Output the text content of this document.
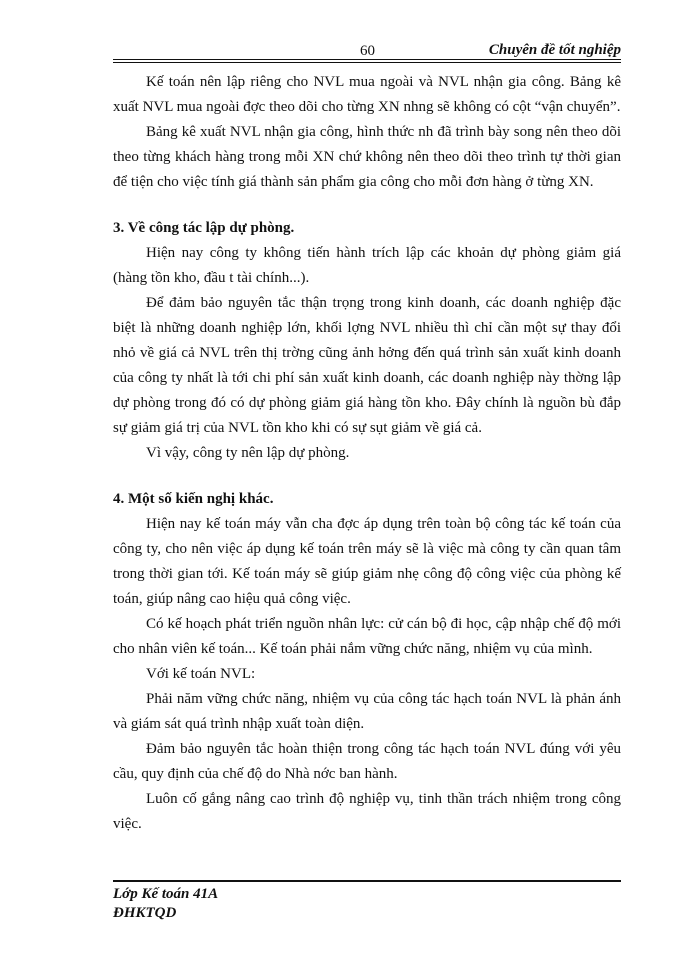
60	Chuyên đề tốt nghiệp

Kế toán nên lập riêng cho NVL mua ngoài và NVL nhận gia công. Bảng kê xuất NVL mua ngoài đợc theo dõi cho từng XN nhng sẽ không có cột “vận chuyển”.

Bảng kê xuất NVL nhận gia công, hình thức nh đã trình bày song nên theo dõi theo từng khách hàng trong mỗi XN chứ không nên theo dõi theo trình tự thời gian để tiện cho việc tính giá thành sản phẩm gia công cho mỗi đơn hàng ở từng XN.

3. Về công tác lập dự phòng.

Hiện nay công ty không tiến hành trích lập các khoản dự phòng giảm giá (hàng tồn kho, đầu t tài chính...).

Để đảm bảo nguyên tắc thận trọng trong kinh doanh, các doanh nghiệp đặc biệt là những doanh nghiệp lớn, khối lợng NVL nhiều thì chỉ cần một sự thay đổi nhỏ về giá cả NVL trên thị trờng cũng ảnh hởng đến quá trình sản xuất kinh doanh của công ty nhất là tới chi phí sản xuất kinh doanh, các doanh nghiệp này thờng lập dự phòng trong đó có dự phòng giảm giá hàng tồn kho. Đây chính là nguồn bù đắp sự giảm giá trị của NVL tồn kho khi có sự sụt giảm về giá cả.

Vì vậy, công ty nên lập dự phòng.

4. Một số kiến nghị khác.

Hiện nay kế toán máy vẫn cha đợc áp dụng trên toàn bộ công tác kế toán của công ty, cho nên việc áp dụng kế toán trên máy sẽ là việc mà công ty cần quan tâm trong thời gian tới. Kế toán máy sẽ giúp giảm nhẹ công độ công việc của phòng kế toán, giúp nâng cao hiệu quả công việc.

Có kế hoạch phát triển nguồn nhân lực: cử cán bộ đi học, cập nhập chế độ mới cho nhân viên kế toán... Kế toán phải nắm vững chức năng, nhiệm vụ của mình.

Với kế toán NVL:

Phải năm vững chức năng, nhiệm vụ của công tác hạch toán NVL là phản ánh và giám sát quá trình nhập xuất toàn diện.

Đảm bảo nguyên tắc hoàn thiện trong công tác hạch toán NVL đúng với yêu cầu, quy định của chế độ do Nhà nớc ban hành.

Luôn cố gắng nâng cao trình độ nghiệp vụ, tinh thần trách nhiệm trong công việc.

Lớp Kế toán 41A
ĐHKTQD
